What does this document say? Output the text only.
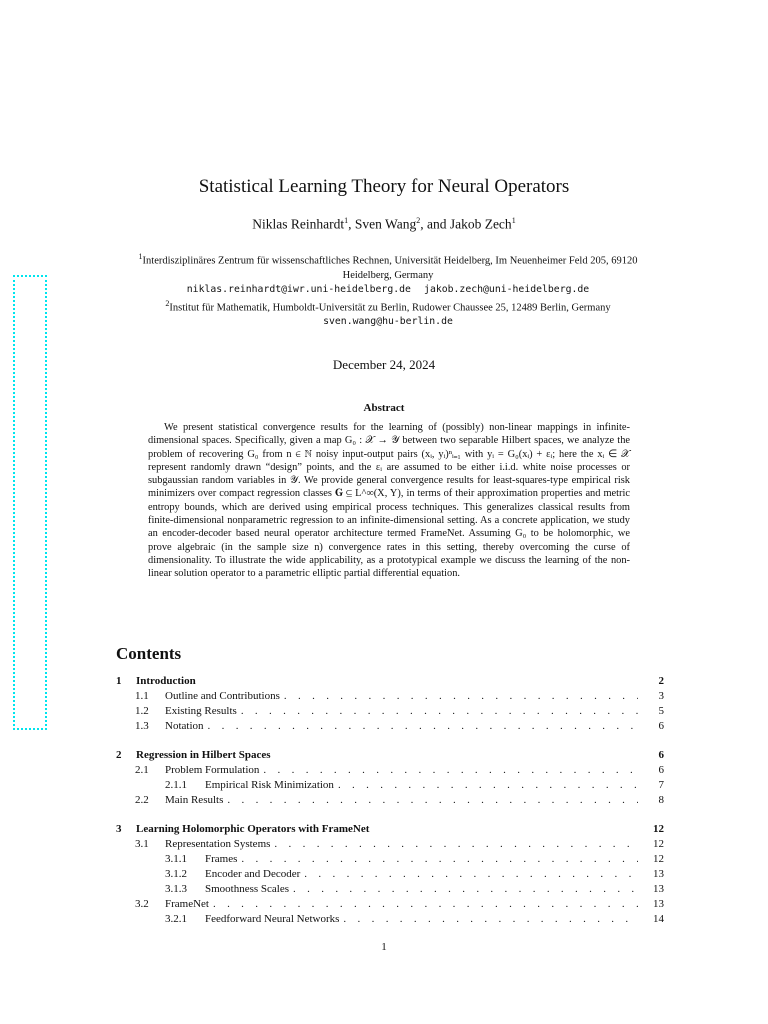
Statistical Learning Theory for Neural Operators
Niklas Reinhardt$^1$, Sven Wang$^2$, and Jakob Zech$^1$
$^1$Interdisziplinäres Zentrum für wissenschaftliches Rechnen, Universität Heidelberg, Im Neuenheimer Feld 205, 69120 Heidelberg, Germany
niklas.reinhardt@iwr.uni-heidelberg.de jakob.zech@uni-heidelberg.de
$^2$Institut für Mathematik, Humboldt-Universität zu Berlin, Rudower Chaussee 25, 12489 Berlin, Germany
sven.wang@hu-berlin.de
December 24, 2024
Abstract
We present statistical convergence results for the learning of (possibly) non-linear mappings in infinite-dimensional spaces. Specifically, given a map G₀ : 𝒳 → 𝒴 between two separable Hilbert spaces, we analyze the problem of recovering G₀ from n ∈ ℕ noisy input-output pairs (xᵢ, yᵢ)ⁿᵢ₌₁ with yᵢ = G₀(xᵢ) + εᵢ; here the xᵢ ∈ 𝒳 represent randomly drawn “design” points, and the εᵢ are assumed to be either i.i.d. white noise processes or subgaussian random variables in 𝒴. We provide general convergence results for least-squares-type empirical risk minimizers over compact regression classes 𝐆 ⊆ L^∞(X, Y), in terms of their approximation properties and metric entropy bounds, which are derived using empirical process techniques. This generalizes classical results from finite-dimensional nonparametric regression to an infinite-dimensional setting. As a concrete application, we study an encoder-decoder based neural operator architecture termed FrameNet. Assuming G₀ to be holomorphic, we prove algebraic (in the sample size n) convergence rates in this setting, thereby overcoming the curse of dimensionality. To illustrate the wide applicability, as a prototypical example we discuss the learning of the non-linear solution operator to a parametric elliptic partial differential equation.
Contents
1	Introduction	2
1.1	Outline and Contributions . . .	3
1.2	Existing Results . . .	5
1.3	Notation . . .	6
2	Regression in Hilbert Spaces	6
2.1	Problem Formulation . . .	6
2.1.1	Empirical Risk Minimization . . .	7
2.2	Main Results . . .	8
3	Learning Holomorphic Operators with FrameNet	12
3.1	Representation Systems . . .	12
3.1.1	Frames . . .	12
3.1.2	Encoder and Decoder . . .	13
3.1.3	Smoothness Scales . . .	13
3.2	FrameNet . . .	13
3.2.1	Feedforward Neural Networks . . .	14
1
